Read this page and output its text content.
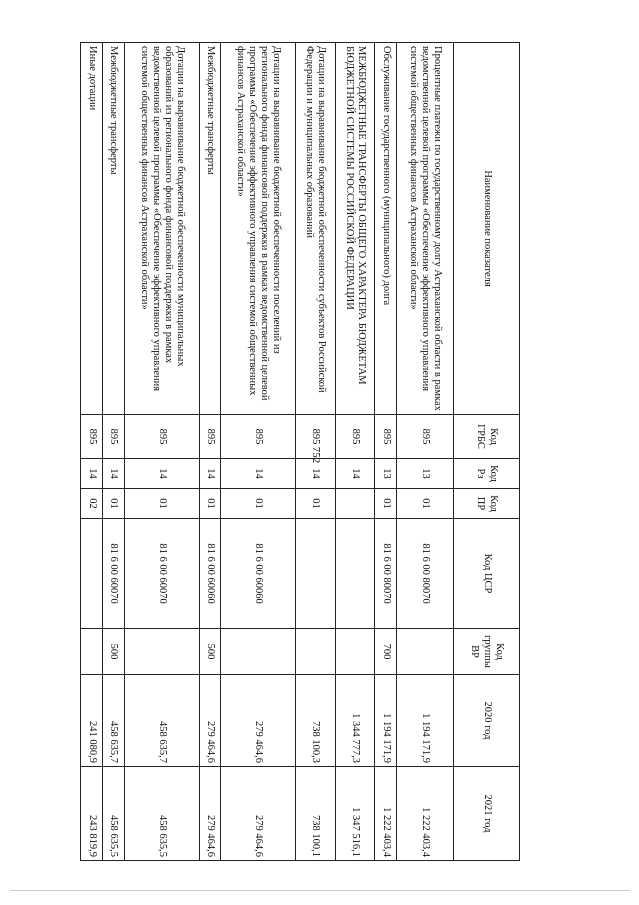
752
Наименование показателя	Код ГРБС	Код Рз	Код ПР	Код ЦСР	Код группы ВР	2020 год	2021 год
Процентные платежи по государственному долгу Астраханской области в рамках ведомственной целевой программы «Обеспечение эффективного управления системой общественных финансов Астраханской области»	895	13	01	81 6 00 80070		1 194 171,9	1 222 403,4
Обслуживание государственного (муниципального) долга	895	13	01	81 6 00 80070	700	1 194 171,9	1 222 403,4
МЕЖБЮДЖЕТНЫЕ ТРАНСФЕРТЫ ОБЩЕГО ХАРАКТЕРА БЮДЖЕТАМ БЮДЖЕТНОЙ СИСТЕМЫ РОССИЙСКОЙ ФЕДЕРАЦИИ	895	14				1 344 777,3	1 347 516,1
Дотации на выравнивание бюджетной обеспеченности субъектов Российской Федерации и муниципальных образований	895	14	01			738 100,3	738 100,1
Дотации на выравнивание бюджетной обеспеченности поселений из регионального фонда финансовой поддержки в рамках ведомственной целевой программы «Обеспечение эффективного управления системой общественных финансов Астраханской области»	895	14	01	81 6 00 60060		279 464,6	279 464,6
Межбюджетные трансферты	895	14	01	81 6 00 60060	500	279 464,6	279 464,6
Дотации на выравнивание бюджетной обеспеченности муниципальных образований из регионального фонда финансовой поддержки в рамках ведомственной целевой программы «Обеспечение эффективного управления системой общественных финансов Астраханской области»	895	14	01	81 6 00 60070		458 635,7	458 635,5
Межбюджетные трансферты	895	14	01	81 6 00 60070	500	458 635,7	458 635,5
Иные дотации	895	14	02			241 080,9	243 819,9
